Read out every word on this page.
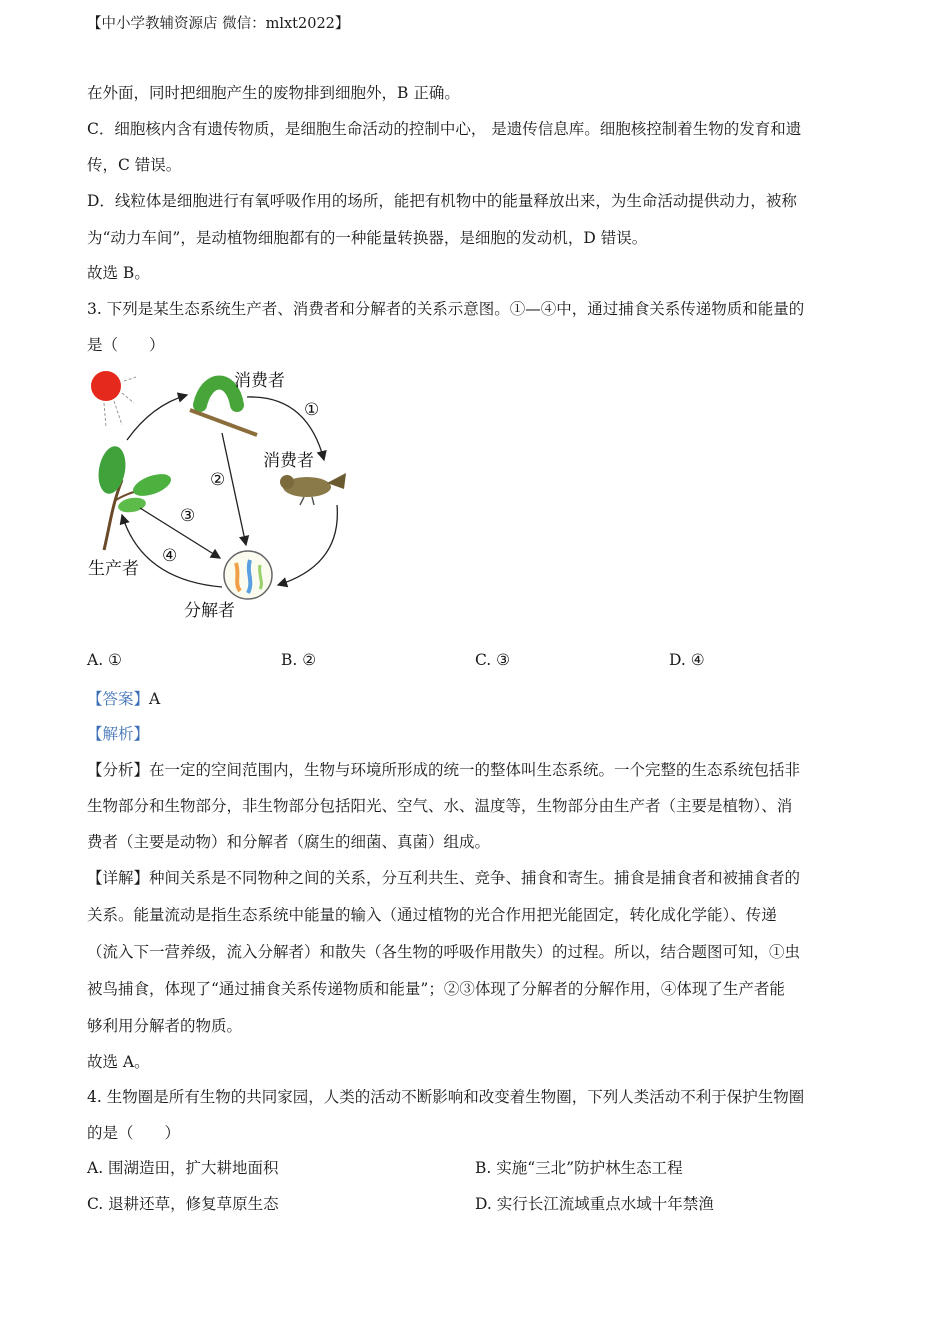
【中小学教辅资源店 微信：mlxt2022】
在外面，同时把细胞产生的废物排到细胞外，B 正确。
C．细胞核内含有遗传物质，是细胞生命活动的控制中心， 是遗传信息库。细胞核控制着生物的发育和遗
传，C 错误。
D．线粒体是细胞进行有氧呼吸作用的场所，能把有机物中的能量释放出来，为生命活动提供动力，被称
为“动力车间”，是动植物细胞都有的一种能量转换器，是细胞的发动机，D 错误。
故选 B。
3. 下列是某生态系统生产者、消费者和分解者的关系示意图。①—④中，通过捕食关系传递物质和能量的
是（　　）
消费者
消费者
生产者
分解者
①
②
③
④
A. ①	B. ②	C. ③	D. ④
【答案】A
【解析】
【分析】在一定的空间范围内，生物与环境所形成的统一的整体叫生态系统。一个完整的生态系统包括非
生物部分和生物部分，非生物部分包括阳光、空气、水、温度等，生物部分由生产者（主要是植物）、消
费者（主要是动物）和分解者（腐生的细菌、真菌）组成。
【详解】种间关系是不同物种之间的关系，分互利共生、竞争、捕食和寄生。捕食是捕食者和被捕食者的
关系。能量流动是指生态系统中能量的输入（通过植物的光合作用把光能固定，转化成化学能）、传递
（流入下一营养级，流入分解者）和散失（各生物的呼吸作用散失）的过程。所以，结合题图可知，①虫
被鸟捕食，体现了“通过捕食关系传递物质和能量”；②③体现了分解者的分解作用，④体现了生产者能
够利用分解者的物质。
故选 A。
4. 生物圈是所有生物的共同家园，人类的活动不断影响和改变着生物圈，下列人类活动不利于保护生物圈
的是（　　）
A. 围湖造田，扩大耕地面积	B. 实施“三北”防护林生态工程
C. 退耕还草，修复草原生态	D. 实行长江流域重点水域十年禁渔
